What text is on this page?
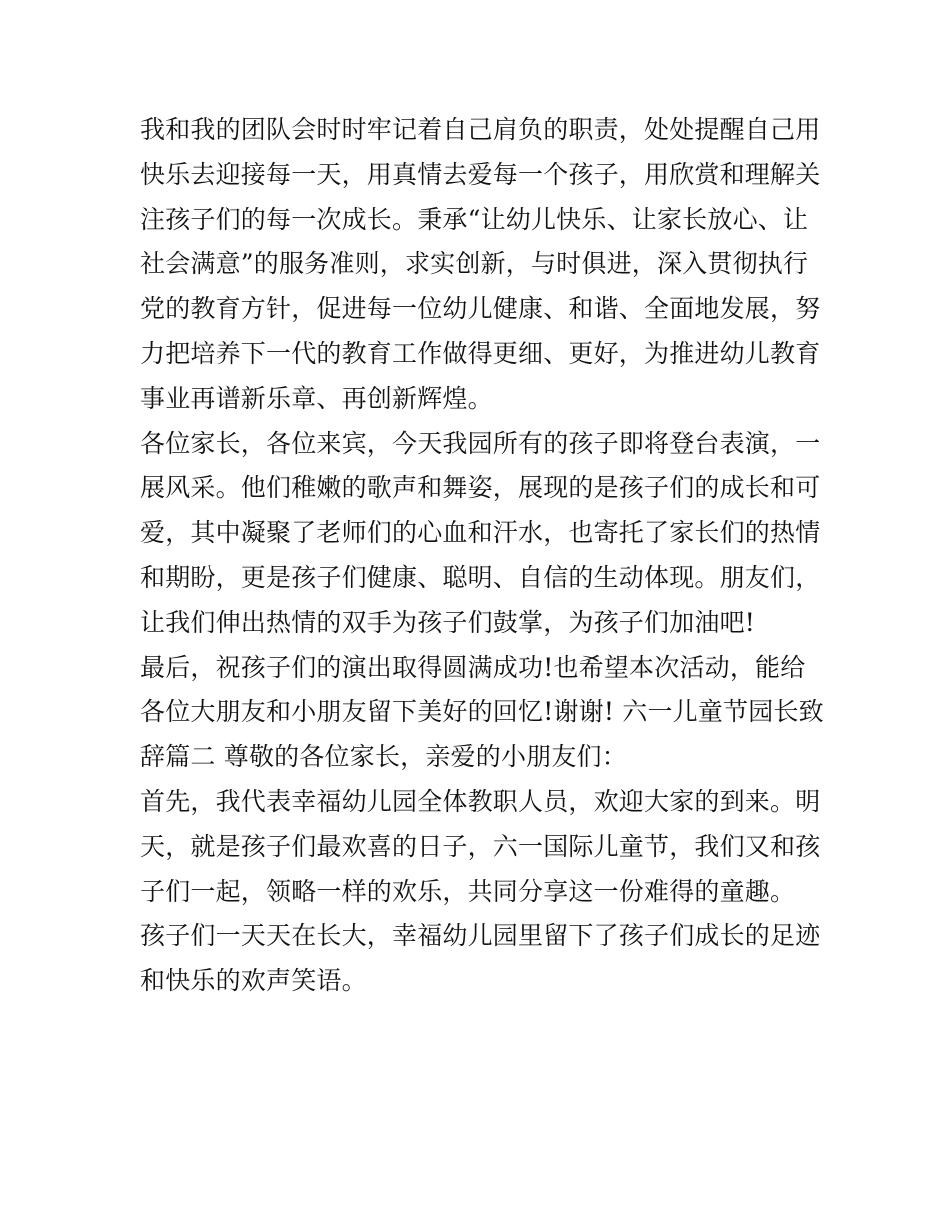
我和我的团队会时时牢记着自己肩负的职责，处处提醒自己用
快乐去迎接每一天，用真情去爱每一个孩子，用欣赏和理解关
注孩子们的每一次成长。秉承“让幼儿快乐、让家长放心、让
社会满意”的服务准则，求实创新，与时俱进，深入贯彻执行
党的教育方针，促进每一位幼儿健康、和谐、全面地发展，努
力把培养下一代的教育工作做得更细、更好，为推进幼儿教育
事业再谱新乐章、再创新辉煌。
各位家长，各位来宾，今天我园所有的孩子即将登台表演，一
展风采。他们稚嫩的歌声和舞姿，展现的是孩子们的成长和可
爱，其中凝聚了老师们的心血和汗水，也寄托了家长们的热情
和期盼，更是孩子们健康、聪明、自信的生动体现。朋友们，
让我们伸出热情的双手为孩子们鼓掌，为孩子们加油吧!
最后，祝孩子们的演出取得圆满成功!也希望本次活动，能给
各位大朋友和小朋友留下美好的回忆!谢谢! 六一儿童节园长致
辞篇二 尊敬的各位家长，亲爱的小朋友们：
首先，我代表幸福幼儿园全体教职人员，欢迎大家的到来。明
天，就是孩子们最欢喜的日子，六一国际儿童节，我们又和孩
子们一起，领略一样的欢乐，共同分享这一份难得的童趣。
孩子们一天天在长大，幸福幼儿园里留下了孩子们成长的足迹
和快乐的欢声笑语。
